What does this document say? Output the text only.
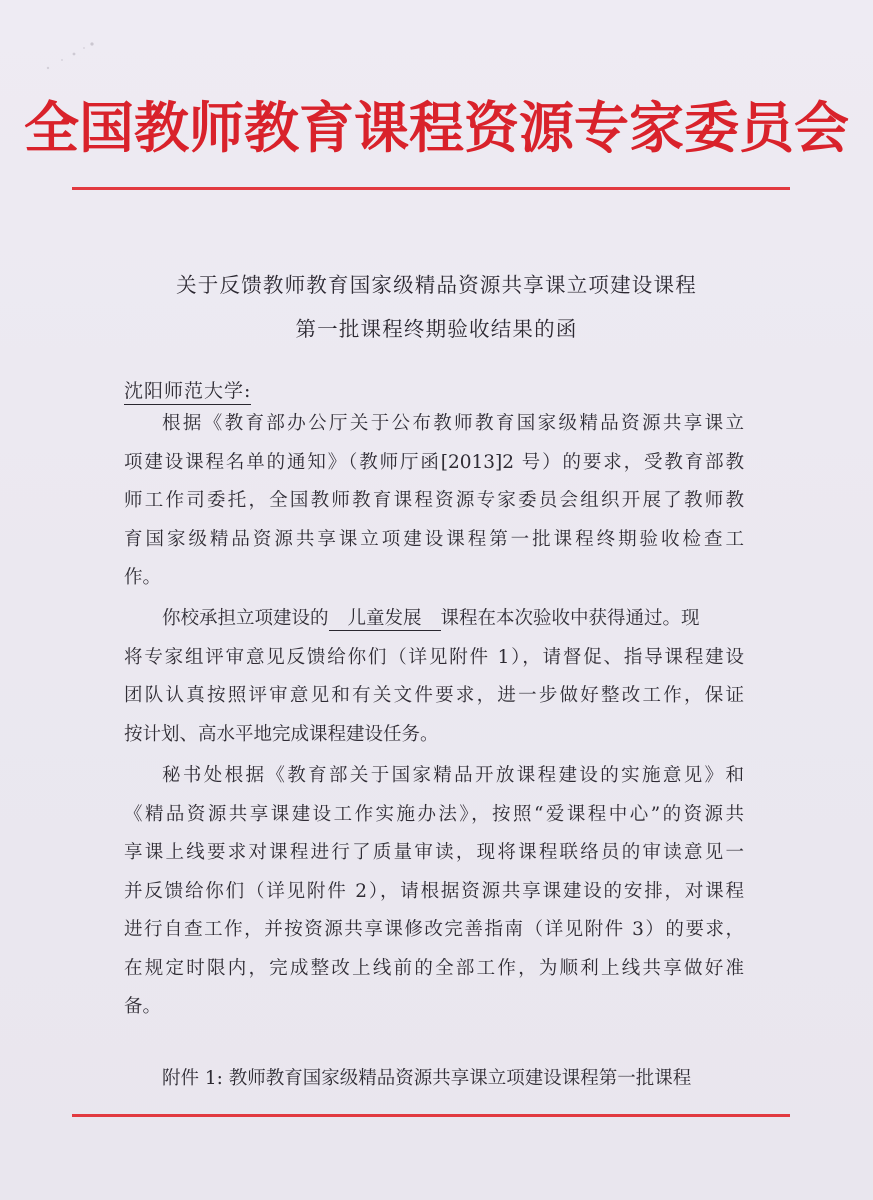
全国教师教育课程资源专家委员会
关于反馈教师教育国家级精品资源共享课立项建设课程
第一批课程终期验收结果的函
沈阳师范大学:
根据《教育部办公厅关于公布教师教育国家级精品资源共享课立
项建设课程名单的通知》（教师厅函[2013]2 号）的要求，受教育部教
师工作司委托，全国教师教育课程资源专家委员会组织开展了教师教
育国家级精品资源共享课立项建设课程第一批课程终期验收检查工
作。
你校承担立项建设的 儿童发展 课程在本次验收中获得通过。现
将专家组评审意见反馈给你们（详见附件 1），请督促、指导课程建设
团队认真按照评审意见和有关文件要求，进一步做好整改工作，保证
按计划、高水平地完成课程建设任务。
秘书处根据《教育部关于国家精品开放课程建设的实施意见》和
《精品资源共享课建设工作实施办法》，按照“爱课程中心”的资源共
享课上线要求对课程进行了质量审读，现将课程联络员的审读意见一
并反馈给你们（详见附件 2），请根据资源共享课建设的安排，对课程
进行自查工作，并按资源共享课修改完善指南（详见附件 3）的要求，
在规定时限内，完成整改上线前的全部工作，为顺利上线共享做好准
备。
附件 1: 教师教育国家级精品资源共享课立项建设课程第一批课程
